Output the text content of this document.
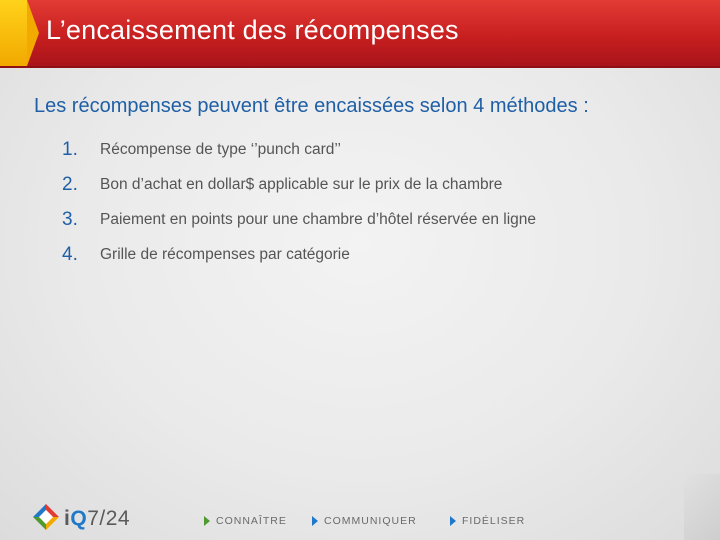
L’encaissement des récompenses
Les récompenses peuvent être encaissées selon 4 méthodes :
1.	Récompense de type ‘’punch card’’
2.	Bon d’achat en dollar$ applicable sur le prix de la chambre
3.	Paiement en points pour une chambre d’hôtel réservée en ligne
4.	Grille de récompenses par catégorie
iQ7/24	CONNAÎTRE	COMMUNIQUER	FIDÉLISER
